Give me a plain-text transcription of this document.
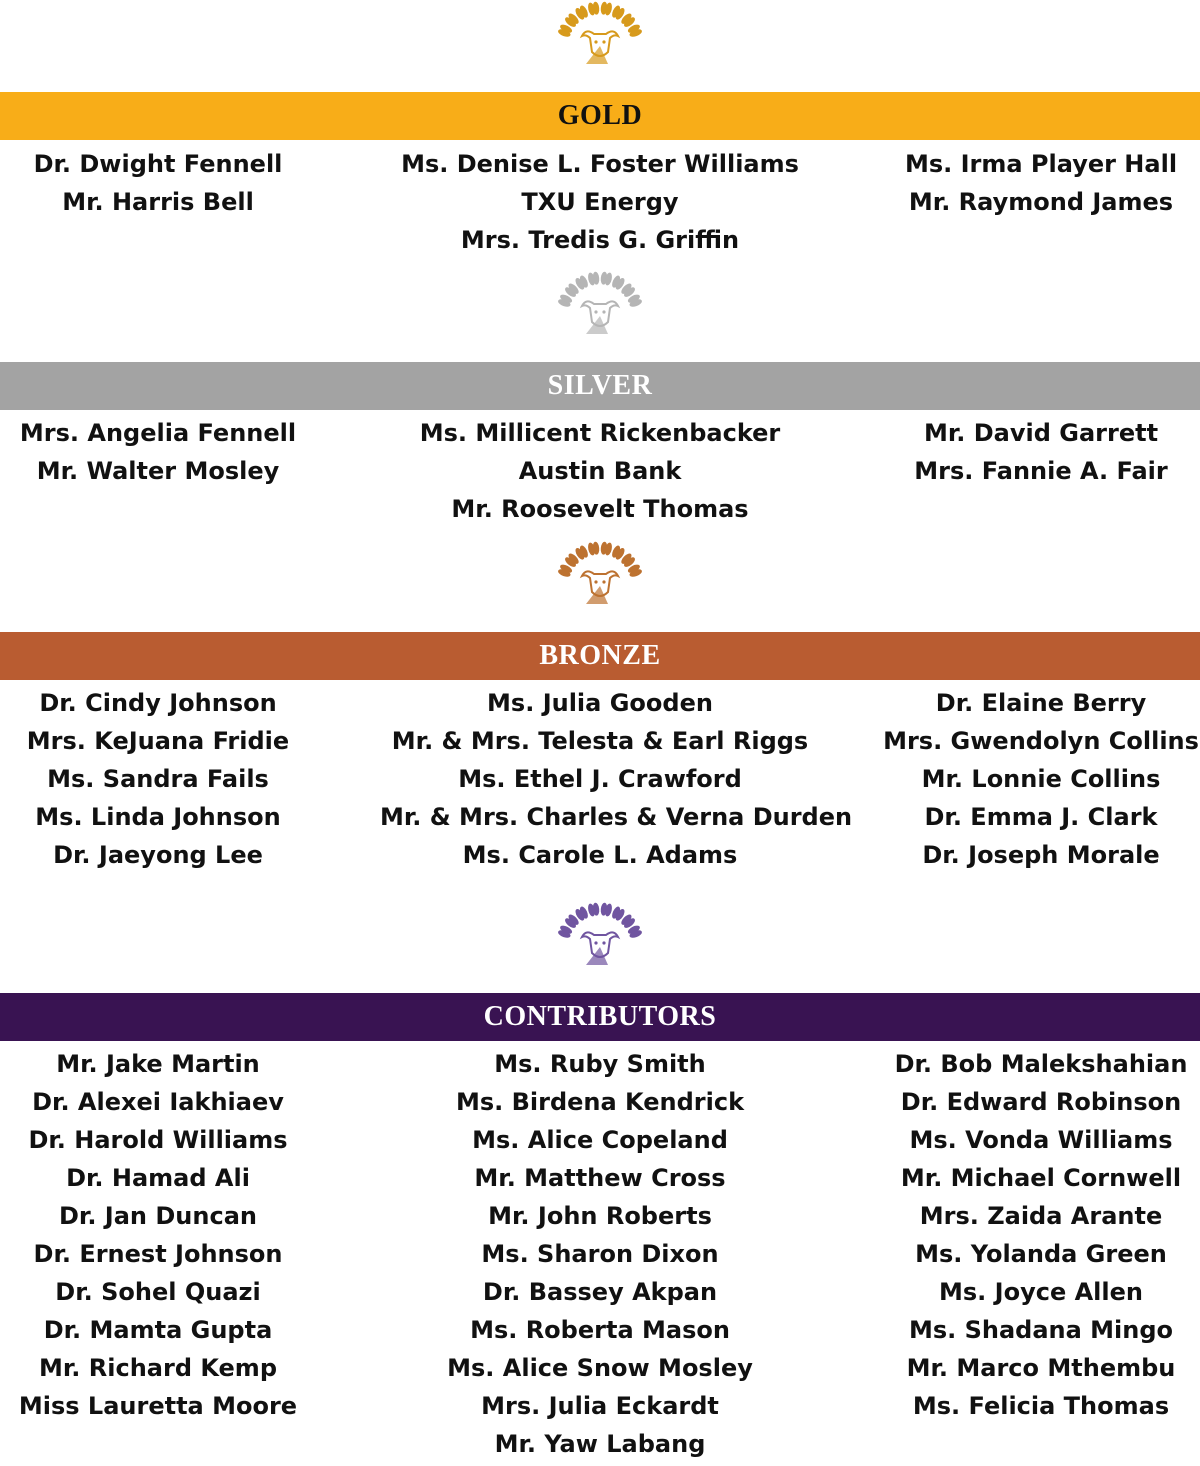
GOLD
Dr. Dwight Fennell
Mr. Harris Bell
Ms. Denise L. Foster Williams
TXU Energy
Mrs. Tredis G. Griffin
Ms. Irma Player Hall
Mr. Raymond James
SILVER
Mrs. Angelia Fennell
Mr. Walter Mosley
Ms. Millicent Rickenbacker
Austin Bank
Mr. Roosevelt Thomas
Mr. David Garrett
Mrs. Fannie A. Fair
BRONZE
Dr. Cindy Johnson
Mrs. KeJuana Fridie
Ms. Sandra Fails
Ms. Linda Johnson
Dr. Jaeyong Lee
Ms. Julia Gooden
Mr. & Mrs. Telesta & Earl Riggs
Ms. Ethel J. Crawford
Mr. & Mrs. Charles & Verna Durden
Ms. Carole L. Adams
Dr. Elaine Berry
Mrs. Gwendolyn Collins
Mr. Lonnie Collins
Dr. Emma J. Clark
Dr. Joseph Morale
CONTRIBUTORS
Mr. Jake Martin
Dr. Alexei Iakhiaev
Dr. Harold Williams
Dr. Hamad Ali
Dr. Jan Duncan
Dr. Ernest Johnson
Dr. Sohel Quazi
Dr. Mamta Gupta
Mr. Richard Kemp
Miss Lauretta Moore
Ms. Ruby Smith
Ms. Birdena Kendrick
Ms. Alice Copeland
Mr. Matthew Cross
Mr. John Roberts
Ms. Sharon Dixon
Dr. Bassey Akpan
Ms. Roberta Mason
Ms. Alice Snow Mosley
Mrs. Julia Eckardt
Mr. Yaw Labang
Dr. Bob Malekshahian
Dr. Edward Robinson
Ms. Vonda Williams
Mr. Michael Cornwell
Mrs. Zaida Arante
Ms. Yolanda Green
Ms. Joyce Allen
Ms. Shadana Mingo
Mr. Marco Mthembu
Ms. Felicia Thomas
